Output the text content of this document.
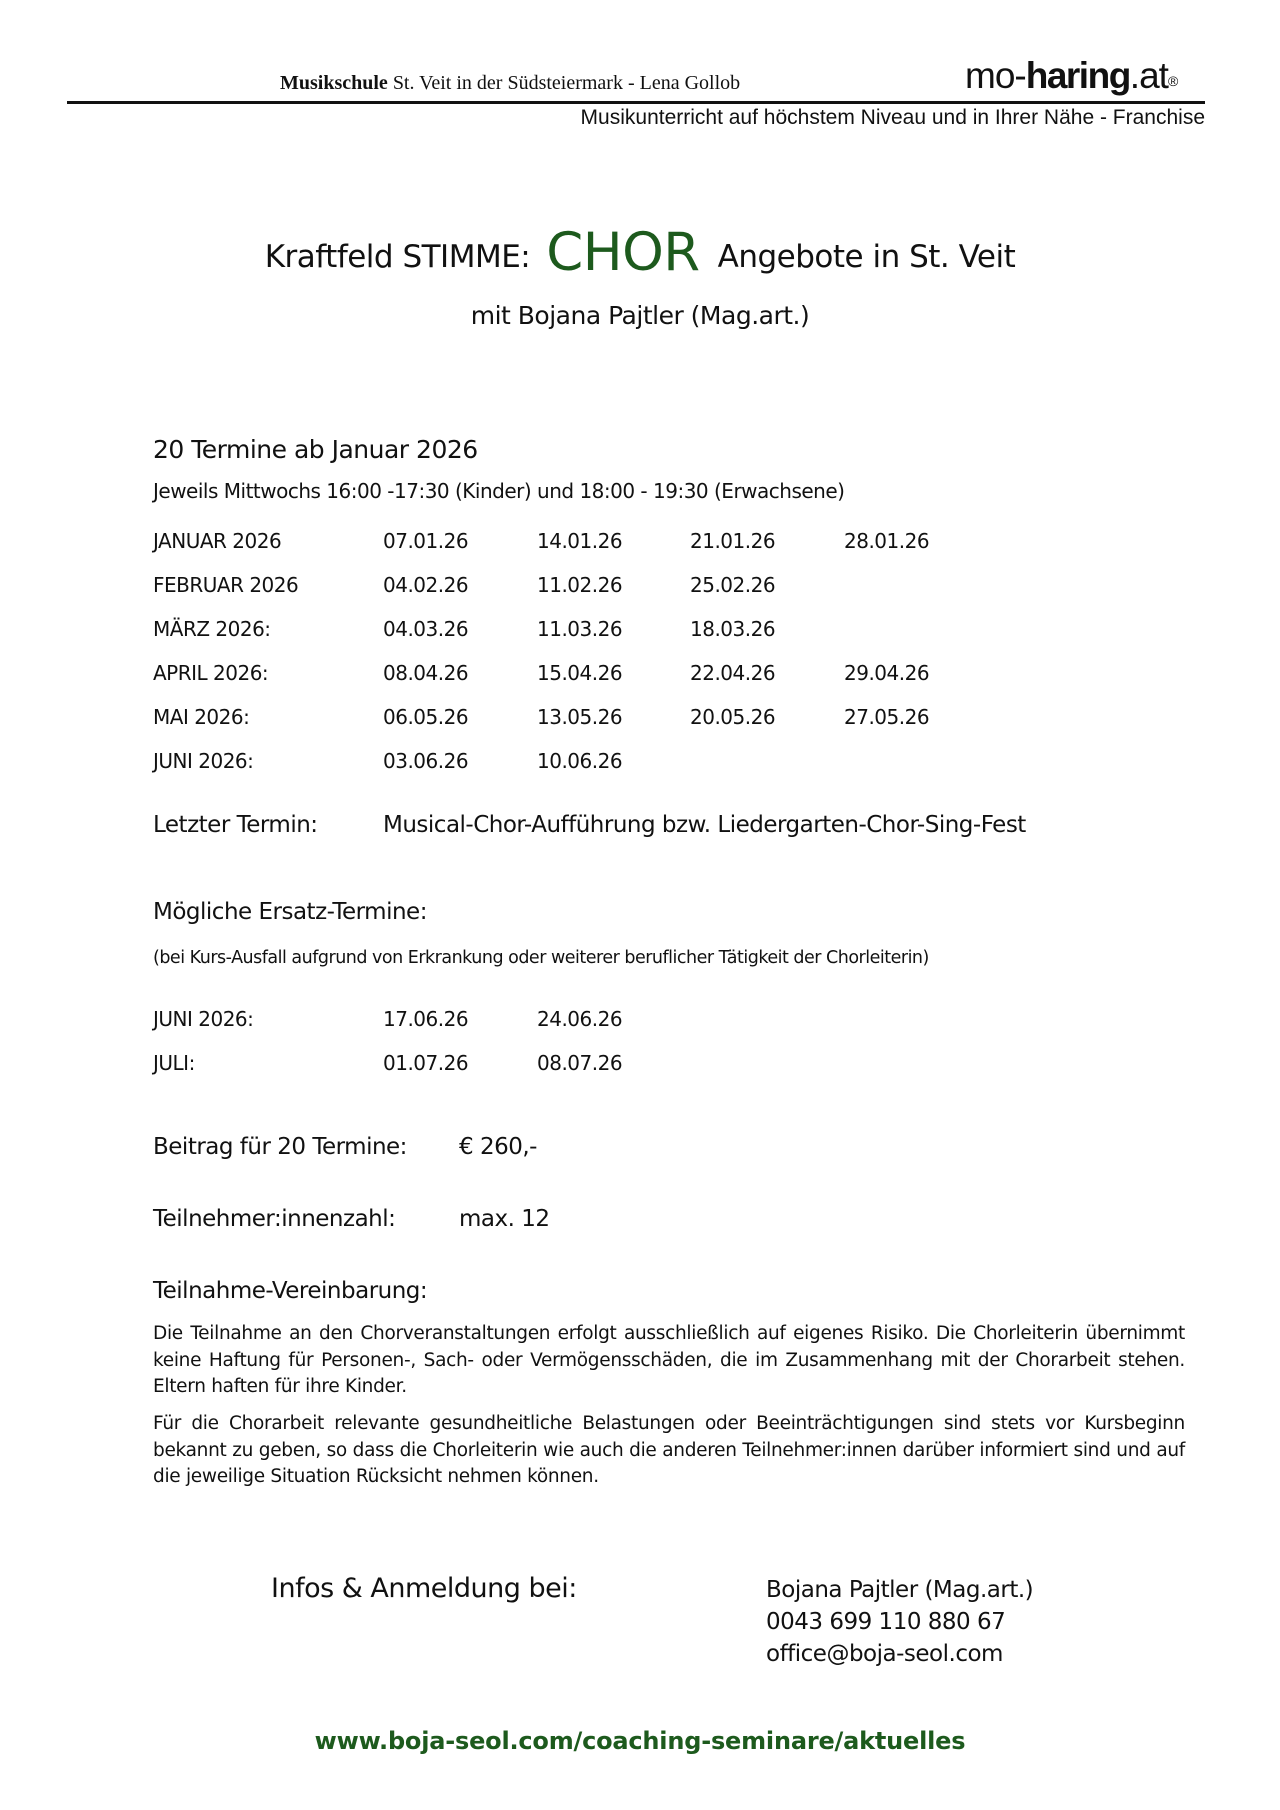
Musikschule St. Veit in der Südsteiermark - Lena Gollob	mo-haring.at®
Musikunterricht auf höchstem Niveau und in Ihrer Nähe - Franchise
Kraftfeld STIMME: CHOR Angebote in St. Veit
mit Bojana Pajtler (Mag.art.)
20 Termine ab Januar 2026
Jeweils Mittwochs 16:00 -17:30 (Kinder) und 18:00 - 19:30 (Erwachsene)
JANUAR 2026	07.01.26	14.01.26	21.01.26	28.01.26
FEBRUAR 2026	04.02.26	11.02.26	25.02.26
MÄRZ 2026:	04.03.26	11.03.26	18.03.26
APRIL 2026:	08.04.26	15.04.26	22.04.26	29.04.26
MAI 2026:	06.05.26	13.05.26	20.05.26	27.05.26
JUNI 2026:	03.06.26	10.06.26
Letzter Termin:	Musical-Chor-Aufführung bzw. Liedergarten-Chor-Sing-Fest
Mögliche Ersatz-Termine:
(bei Kurs-Ausfall aufgrund von Erkrankung oder weiterer beruflicher Tätigkeit der Chorleiterin)
JUNI 2026:	17.06.26	24.06.26
JULI:	01.07.26	08.07.26
Beitrag für 20 Termine: € 260,-
Teilnehmer:innenzahl:	max. 12
Teilnahme-Vereinbarung:
Die Teilnahme an den Chorveranstaltungen erfolgt ausschließlich auf eigenes Risiko. Die Chorleiterin übernimmt keine Haftung für Personen-, Sach- oder Vermögensschäden, die im Zusammenhang mit der Chorarbeit stehen. Eltern haften für ihre Kinder.
Für die Chorarbeit relevante gesundheitliche Belastungen oder Beeinträchtigungen sind stets vor Kursbeginn bekannt zu geben, so dass die Chorleiterin wie auch die anderen Teilnehmer:innen darüber informiert sind und auf die jeweilige Situation Rücksicht nehmen können.
Infos & Anmeldung bei:	Bojana Pajtler (Mag.art.)
0043 699 110 880 67
office@boja-seol.com
www.boja-seol.com/coaching-seminare/aktuelles
